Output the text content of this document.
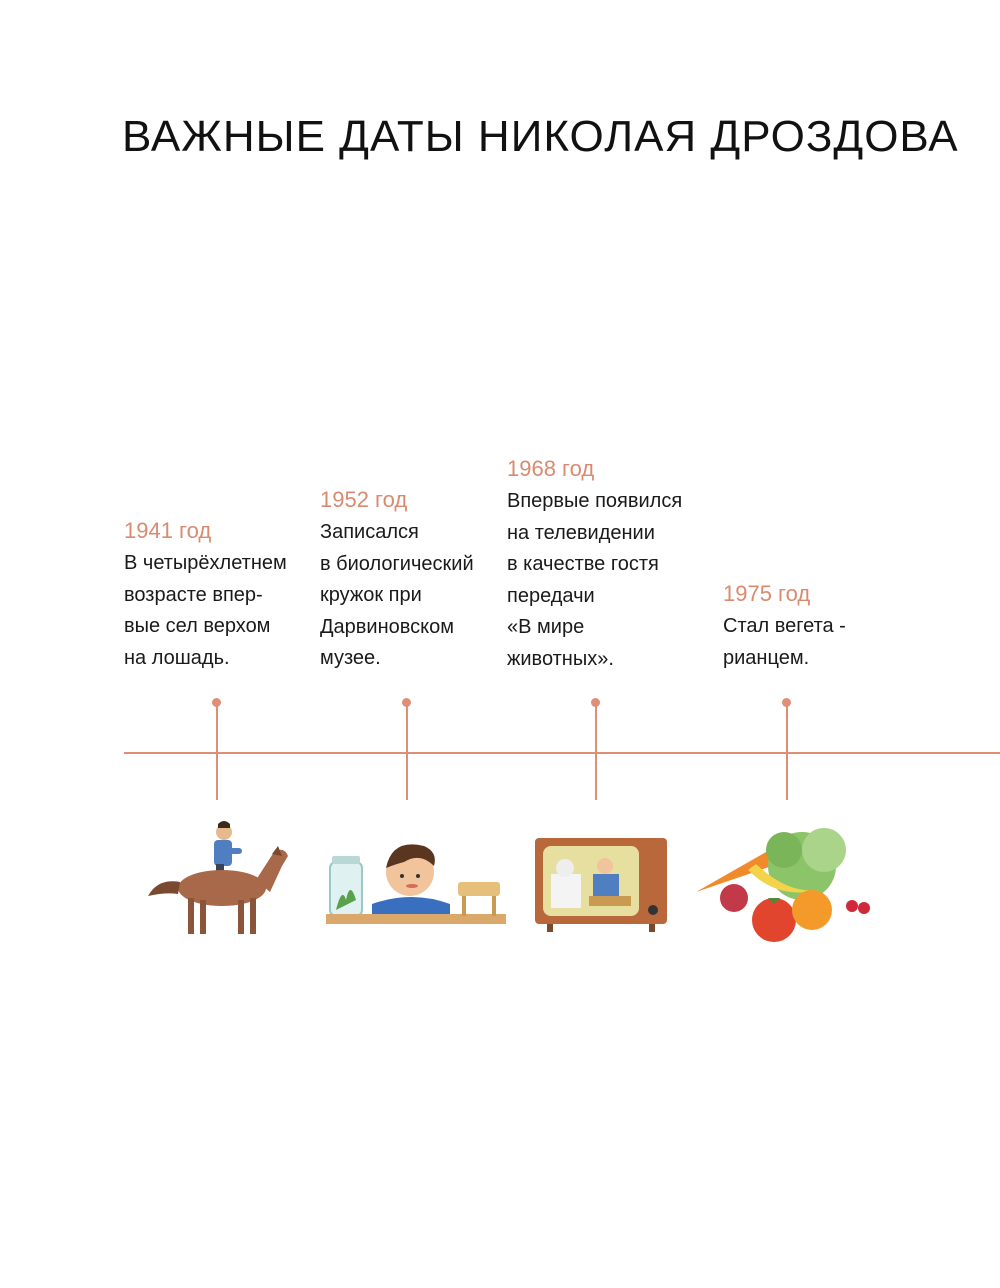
ВАЖНЫЕ ДАТЫ НИКОЛАЯ ДРОЗДОВА
1941 год
В четырёхлетнем
возрасте впер-
вые сел верхом
на лошадь.
1952 год
Записался
в биологический
кружок при
Дарвиновском
музее.
1968 год
Впервые появился
на телевидении
в качестве гостя
передачи
«В мире
животных».
1975 год
Стал вегета -
рианцем.
